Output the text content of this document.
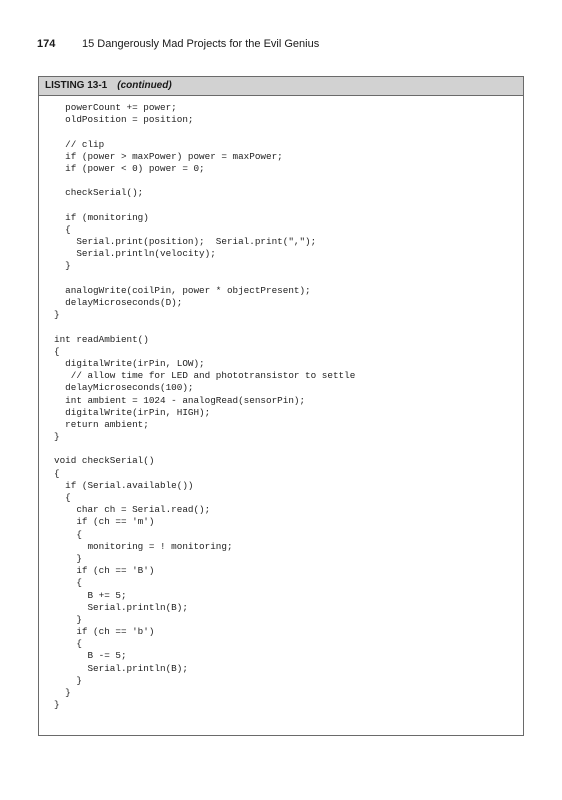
174 15 Dangerously Mad Projects for the Evil Genius
LISTING 13-1 (continued)
powerCount += power;
oldPosition = position;
// clip
if (power > maxPower) power = maxPower;
if (power < 0) power = 0;
checkSerial();
if (monitoring)
{
Serial.print(position);  Serial.print(",");
Serial.println(velocity);
}
analogWrite(coilPin, power * objectPresent);
delayMicroseconds(D);
}
int readAmbient()
{
digitalWrite(irPin, LOW);
// allow time for LED and phototransistor to settle
delayMicroseconds(100);
int ambient = 1024 - analogRead(sensorPin);
digitalWrite(irPin, HIGH);
return ambient;
}
void checkSerial()
{
if (Serial.available())
{
char ch = Serial.read();
if (ch == 'm')
{
monitoring = ! monitoring;
}
if (ch == 'B')
{
B += 5;
Serial.println(B);
}
if (ch == 'b')
{
B -= 5;
Serial.println(B);
}
}
}
